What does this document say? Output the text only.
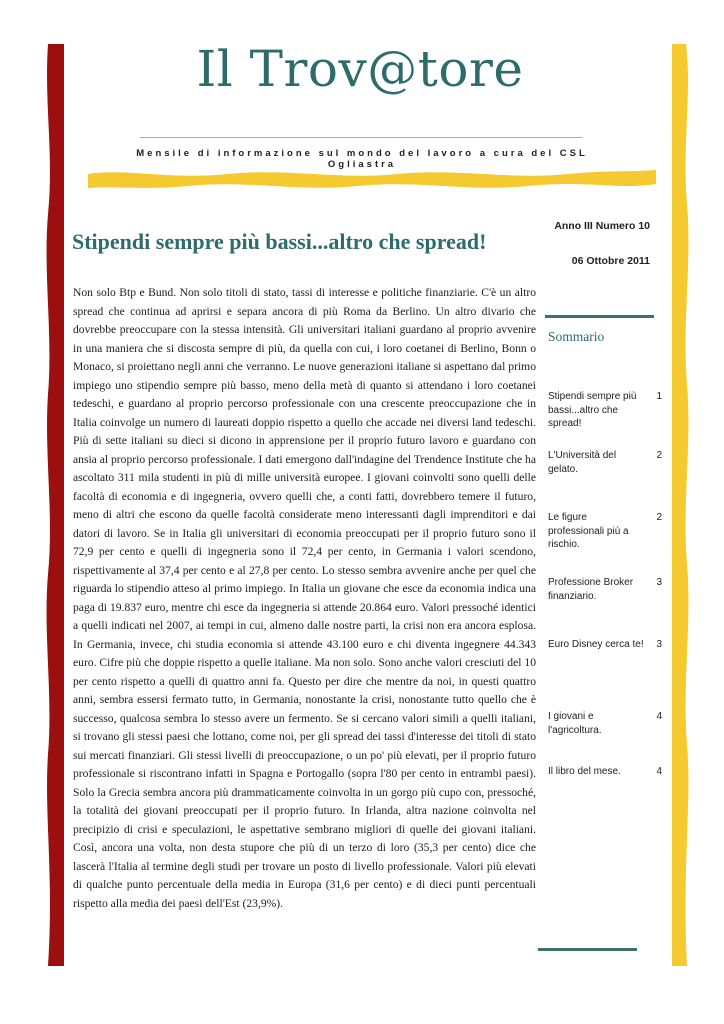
Il Trov@tore
Mensile di informazione sul mondo del lavoro a cura del CSL Ogliastra
Anno III Numero 10
06 Ottobre 2011
Stipendi sempre più bassi...altro che spread!
Non solo Btp e Bund. Non solo titoli di stato, tassi di interesse e politiche finanziarie. C'è un altro spread che continua ad aprirsi e separa ancora di più Roma da Berlino. Un altro divario che dovrebbe preoccupare con la stessa intensità. Gli universitari italiani guardano al proprio avvenire in una maniera che si discosta sempre di più, da quella con cui, i loro coetanei di Berlino, Bonn o Monaco, si proiettano negli anni che verranno. Le nuove generazioni italiane si aspettano dal primo impiego uno stipendio sempre più basso, meno della metà di quanto si attendano i loro coetanei tedeschi, e guardano al proprio percorso professionale con una crescente preoccupazione che in Italia coinvolge un numero di laureati doppio rispetto a quello che accade nei diversi land tedeschi. Più di sette italiani su dieci si dicono in apprensione per il proprio futuro lavoro e guardano con ansia al proprio percorso professionale. I dati emergono dall'indagine del Trendence Institute che ha ascoltato 311 mila studenti in più di mille università europee. I giovani coinvolti sono quelli delle facoltà di economia e di ingegneria, ovvero quelli che, a conti fatti, dovrebbero temere il futuro, meno di altri che escono da quelle facoltà considerate meno interessanti dagli imprenditori e dai datori di lavoro. Se in Italia gli universitari di economia preoccupati per il proprio futuro sono il 72,9 per cento e quelli di ingegneria sono il 72,4 per cento, in Germania i valori scendono, rispettivamente al 37,4 per cento e al 27,8 per cento. Lo stesso sembra avvenire anche per quel che riguarda lo stipendio atteso al primo impiego. In Italia un giovane che esce da economia indica una paga di 19.837 euro, mentre chi esce da ingegneria si attende 20.864 euro. Valori pressoché identici a quelli indicati nel 2007, ai tempi in cui, almeno dalle nostre parti, la crisi non era ancora esplosa. In Germania, invece, chi studia economia si attende 43.100 euro e chi diventa ingegnere 44.343 euro. Cifre più che doppie rispetto a quelle italiane. Ma non solo. Sono anche valori cresciuti del 10 per cento rispetto a quelli di quattro anni fa. Questo per dire che mentre da noi, in questi quattro anni, sembra essersi fermato tutto, in Germania, nonostante la crisi, nonostante tutto quello che è successo, qualcosa sembra lo stesso avere un fermento. Se si cercano valori simili a quelli italiani, si trovano gli stessi paesi che lottano, come noi, per gli spread dei tassi d'interesse dei titoli di stato sui mercati finanziari. Gli stessi livelli di preoccupazione, o un po' più elevati, per il proprio futuro professionale si riscontrano infatti in Spagna e Portogallo (sopra l'80 per cento in entrambi paesi). Solo la Grecia sembra ancora più drammaticamente coinvolta in un gorgo più cupo con, pressoché, la totalità dei giovani preoccupati per il proprio futuro. In Irlanda, altra nazione coinvolta nel precipizio di crisi e speculazioni, le aspettative sembrano migliori di quelle dei giovani italiani. Così, ancora una volta, non desta stupore che più di un terzo di loro (35,3 per cento) dice che lascerà l'Italia al termine degli studi per trovare un posto di livello professionale. Valori più elevati di qualche punto percentuale della media in Europa (31,6 per cento) e di dieci punti percentuali rispetto alla media dei paesi dell'Est (23,9%).
Sommario
Stipendi sempre più bassi...altro che spread!
1
L'Università del gelato.
2
Le figure professionali più a rischio.
2
Professione Broker finanziario.
3
Euro Disney cerca te! 3
I giovani e l'agricoltura.
4
Il libro del mese.	4
